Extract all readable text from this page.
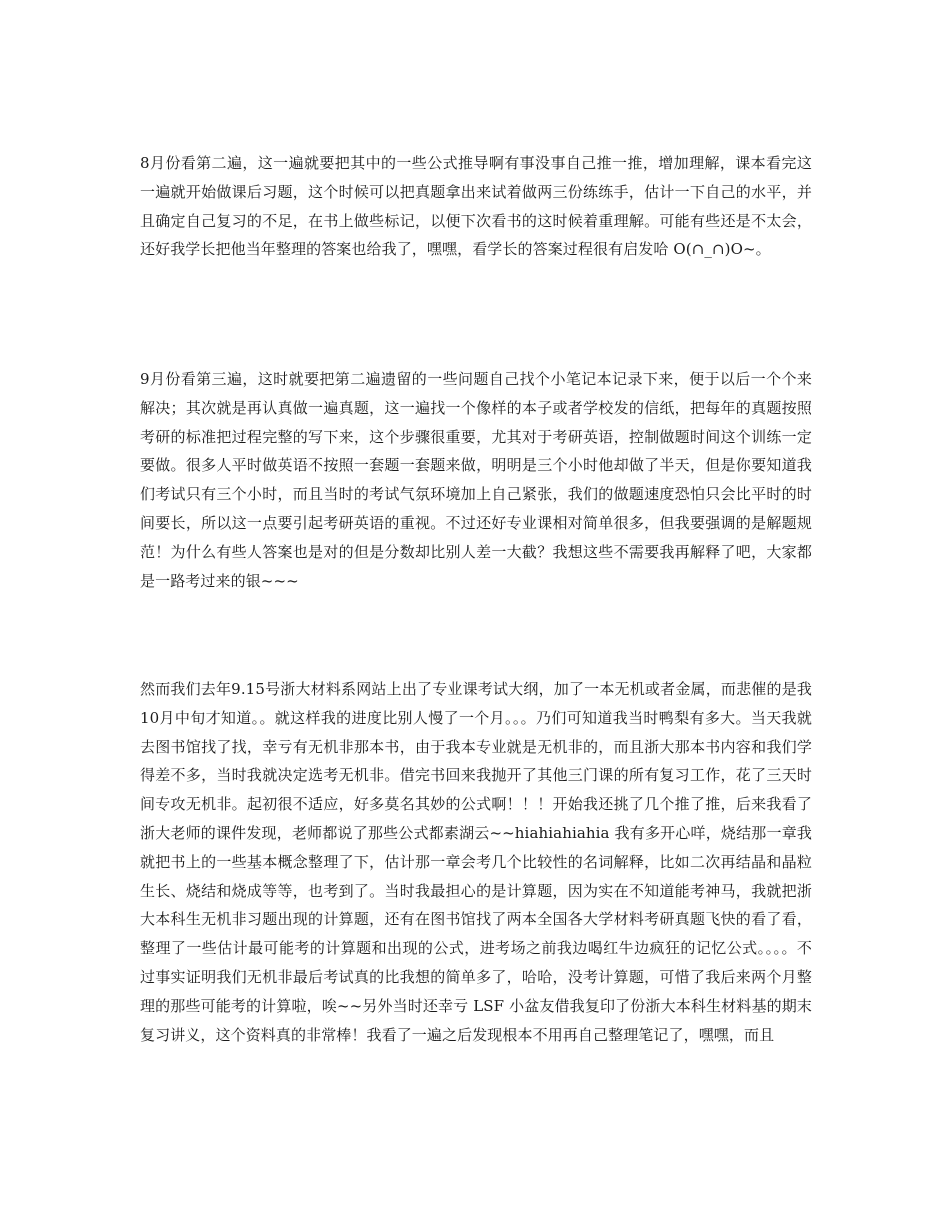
8月份看第二遍，这一遍就要把其中的一些公式推导啊有事没事自己推一推，增加理解，课本看完这一遍就开始做课后习题，这个时候可以把真题拿出来试着做两三份练练手，估计一下自己的水平，并且确定自己复习的不足，在书上做些标记，以便下次看书的这时候着重理解。可能有些还是不太会，还好我学长把他当年整理的答案也给我了，嘿嘿，看学长的答案过程很有启发哈 O(∩_∩)O~。

9月份看第三遍，这时就要把第二遍遗留的一些问题自己找个小笔记本记录下来，便于以后一个个来解决；其次就是再认真做一遍真题，这一遍找一个像样的本子或者学校发的信纸，把每年的真题按照考研的标准把过程完整的写下来，这个步骤很重要，尤其对于考研英语，控制做题时间这个训练一定要做。很多人平时做英语不按照一套题一套题来做，明明是三个小时他却做了半天，但是你要知道我们考试只有三个小时，而且当时的考试气氛环境加上自己紧张，我们的做题速度恐怕只会比平时的时间要长，所以这一点要引起考研英语的重视。不过还好专业课相对简单很多，但我要强调的是解题规范！为什么有些人答案也是对的但是分数却比别人差一大截？我想这些不需要我再解释了吧，大家都是一路考过来的银~~~

然而我们去年9.15号浙大材料系网站上出了专业课考试大纲，加了一本无机或者金属，而悲催的是我10月中旬才知道。。就这样我的进度比别人慢了一个月。。。乃们可知道我当时鸭梨有多大。当天我就去图书馆找了找，幸亏有无机非那本书，由于我本专业就是无机非的，而且浙大那本书内容和我们学得差不多，当时我就决定选考无机非。借完书回来我抛开了其他三门课的所有复习工作，花了三天时间专攻无机非。起初很不适应，好多莫名其妙的公式啊！！！开始我还挑了几个推了推，后来我看了浙大老师的课件发现，老师都说了那些公式都素湖云~~hiahiahiahia 我有多开心咩，烧结那一章我就把书上的一些基本概念整理了下，估计那一章会考几个比较性的名词解释，比如二次再结晶和晶粒生长、烧结和烧成等等，也考到了。当时我最担心的是计算题，因为实在不知道能考神马，我就把浙大本科生无机非习题出现的计算题，还有在图书馆找了两本全国各大学材料考研真题飞快的看了看，整理了一些估计最可能考的计算题和出现的公式，进考场之前我边喝红牛边疯狂的记忆公式。。。。不过事实证明我们无机非最后考试真的比我想的简单多了，哈哈，没考计算题，可惜了我后来两个月整理的那些可能考的计算啦，唉~~另外当时还幸亏 LSF 小盆友借我复印了份浙大本科生材料基的期末复习讲义，这个资料真的非常棒！我看了一遍之后发现根本不用再自己整理笔记了，嘿嘿，而且
